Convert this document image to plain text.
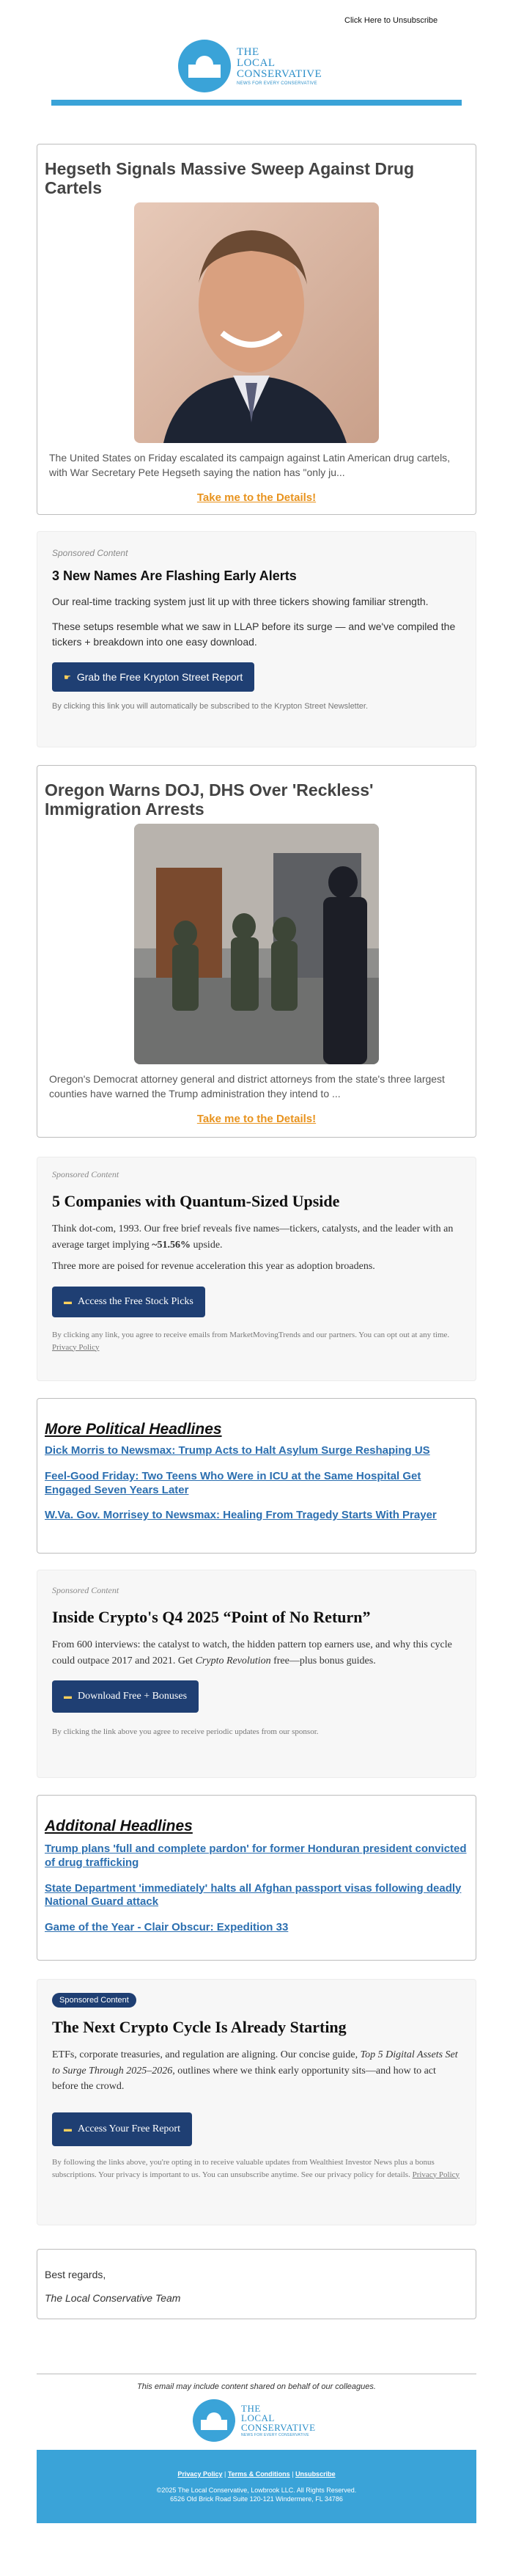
Click Here to Unsubscribe
THE
LOCAL
CONSERVATIVE
NEWS FOR EVERY CONSERVATIVE
Hegseth Signals Massive Sweep Against Drug Cartels
The United States on Friday escalated its campaign against Latin American drug cartels, with War Secretary Pete Hegseth saying the nation has "only ju...
Take me to the Details!
Sponsored Content
3 New Names Are Flashing Early Alerts
Our real-time tracking system just lit up with three tickers showing familiar strength.
These setups resemble what we saw in LLAP before its surge — and we've compiled the tickers + breakdown into one easy download.
☛ Grab the Free Krypton Street Report
By clicking this link you will automatically be subscribed to the Krypton Street Newsletter.
Oregon Warns DOJ, DHS Over 'Reckless' Immigration Arrests
Oregon's Democrat attorney general and district attorneys from the state's three largest counties have warned the Trump administration they intend to ...
Take me to the Details!
Sponsored Content
5 Companies with Quantum-Sized Upside
Think dot-com, 1993. Our free brief reveals five names—tickers, catalysts, and the leader with an average target implying ~51.56% upside.
Three more are poised for revenue acceleration this year as adoption broadens.
▬ Access the Free Stock Picks
By clicking any link, you agree to receive emails from MarketMovingTrends and our partners. You can opt out at any time. Privacy Policy
More Political Headlines
Dick Morris to Newsmax: Trump Acts to Halt Asylum Surge Reshaping US
Feel-Good Friday: Two Teens Who Were in ICU at the Same Hospital Get Engaged Seven Years Later
W.Va. Gov. Morrisey to Newsmax: Healing From Tragedy Starts With Prayer
Sponsored Content
Inside Crypto's Q4 2025 “Point of No Return”
From 600 interviews: the catalyst to watch, the hidden pattern top earners use, and why this cycle could outpace 2017 and 2021. Get Crypto Revolution free—plus bonus guides.
▬ Download Free + Bonuses
By clicking the link above you agree to receive periodic updates from our sponsor.
Additonal Headlines
Trump plans 'full and complete pardon' for former Honduran president convicted of drug trafficking
State Department 'immediately' halts all Afghan passport visas following deadly National Guard attack
Game of the Year - Clair Obscur: Expedition 33
Sponsored Content
The Next Crypto Cycle Is Already Starting
ETFs, corporate treasuries, and regulation are aligning. Our concise guide, Top 5 Digital Assets Set to Surge Through 2025–2026, outlines where we think early opportunity sits—and how to act before the crowd.
▬ Access Your Free Report
By following the links above, you're opting in to receive valuable updates from Wealthiest Investor News plus a bonus subscriptions. Your privacy is important to us. You can unsubscribe anytime. See our privacy policy for details. Privacy Policy
Best regards,
The Local Conservative Team
This email may include content shared on behalf of our colleagues.
THE
LOCAL
CONSERVATIVE
NEWS FOR EVERY CONSERVATIVE
Privacy Policy | Terms & Conditions | Unsubscribe
©2025 The Local Conservative, Lowbrook LLC. All Rights Reserved.
6526 Old Brick Road Suite 120-121 Windermere, FL 34786
